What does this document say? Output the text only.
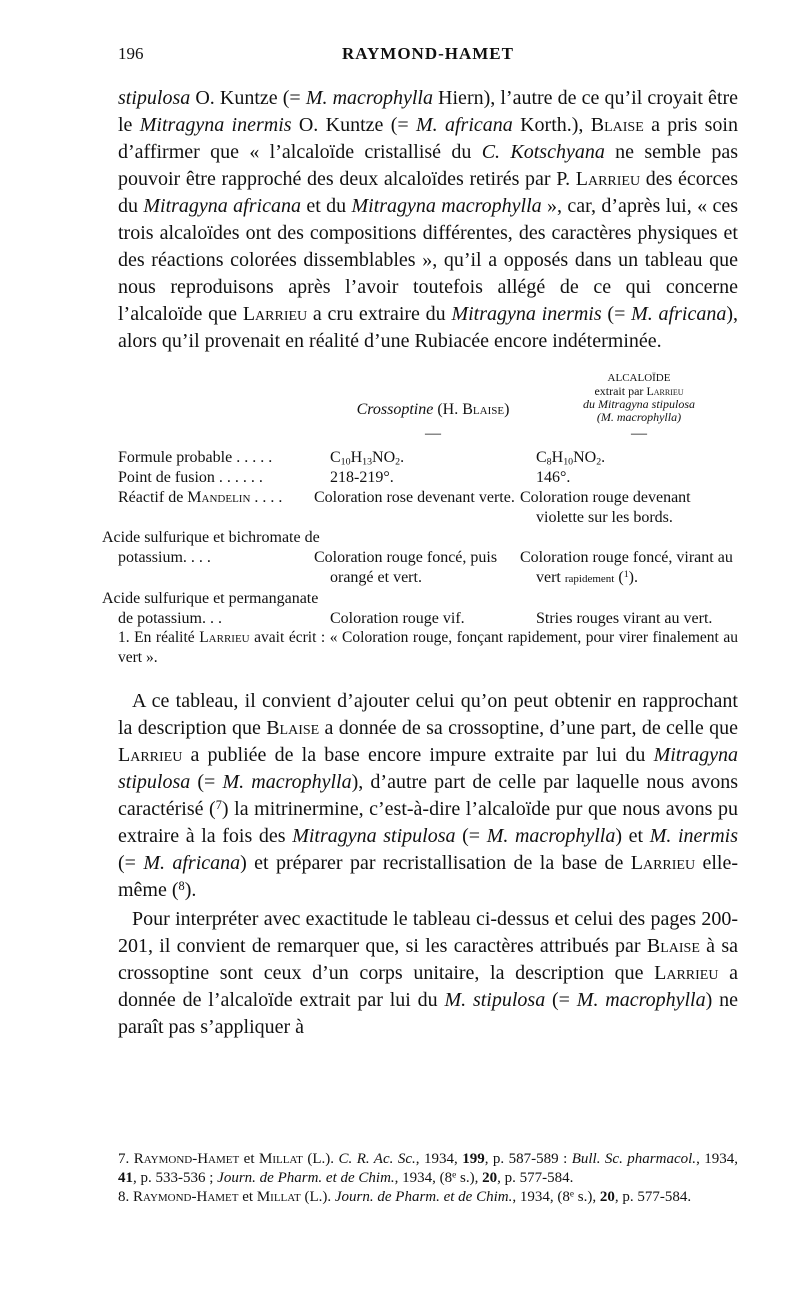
196	RAYMOND-HAMET

stipulosa O. Kuntze (= M. macrophylla Hiern), l’autre de ce qu’il croyait être le Mitragyna inermis O. Kuntze (= M. africana Korth.), Blaise a pris soin d’affirmer que « l’alcaloïde cristallisé du C. Kotschyana ne semble pas pouvoir être rapproché des deux alcaloïdes retirés par P. Larrieu des écorces du Mitragyna africana et du Mitragyna macrophylla », car, d’après lui, « ces trois alcaloïdes ont des compositions différentes, des caractères physiques et des réactions colorées dissemblables », qu’il a opposés dans un tableau que nous reproduisons après l’avoir toutefois allégé de ce qui concerne l’alcaloïde que Larrieu a cru extraire du Mitragyna inermis (= M. africana), alors qu’il provenait en réalité d’une Rubiacée encore indéterminée.

	Crossoptine (H. Blaise)	ALCALOÏDE
extrait par Larrieu
du Mitragyna stipulosa
(M. macrophylla)

	—	—
Formule probable . . . . .	$C_{10}H_{13}NO_2$.	$C_8H_{10}NO_2$.
Point de fusion . . . . . .	218-219°.	146°.
Réactif de Mandelin . . . .	Coloration rose devenant verte.	Coloration rouge devenant violette sur les bords.
Acide sulfurique et bichromate de potassium. . . .	Coloration rouge foncé, puis orangé et vert.	Coloration rouge foncé, virant au vert rapidement ($^1$).
Acide sulfurique et permanganate de potassium. . .	Coloration rouge vif.	Stries rouges virant au vert.

1. En réalité Larrieu avait écrit : « Coloration rouge, fonçant rapidement, pour virer finalement au vert ».

A ce tableau, il convient d’ajouter celui qu’on peut obtenir en rapprochant la description que Blaise a donnée de sa crossoptine, d’une part, de celle que Larrieu a publiée de la base encore impure extraite par lui du Mitragyna stipulosa (= M. macrophylla), d’autre part de celle par laquelle nous avons caractérisé ($^7$) la mitrinermine, c’est-à-dire l’alcaloïde pur que nous avons pu extraire à la fois des Mitragyna stipulosa (= M. macrophylla) et M. inermis (= M. africana) et préparer par recristallisation de la base de Larrieu elle-même ($^8$).

Pour interpréter avec exactitude le tableau ci-dessus et celui des pages 200-201, il convient de remarquer que, si les caractères attribués par Blaise à sa crossoptine sont ceux d’un corps unitaire, la description que Larrieu a donnée de l’alcaloïde extrait par lui du M. stipulosa (= M. macrophylla) ne paraît pas s’appliquer à

7. Raymond-Hamet et Millat (L.). C. R. Ac. Sc., 1934, 199, p. 587-589 : Bull. Sc. pharmacol., 1934, 41, p. 533-536 ; Journ. de Pharm. et de Chim., 1934, (8e s.), 20, p. 577-584.

8. Raymond-Hamet et Millat (L.). Journ. de Pharm. et de Chim., 1934, (8e s.), 20, p. 577-584.
